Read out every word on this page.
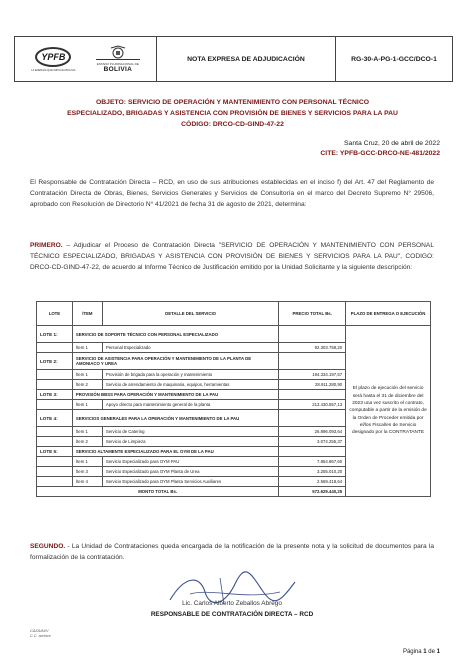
YPFB
LA ENERGÍA QUE IMPULSA BOLIVIA
ESTADO PLURINACIONAL DE
BOLIVIA
NOTA EXPRESA DE ADJUDICACIÓN	RG-30-A-PG-1-GCC/DCO-1
OBJETO: SERVICIO DE OPERACIÓN Y MANTENIMIENTO CON PERSONAL TÉCNICO
ESPECIALIZADO, BRIGADAS Y ASISTENCIA CON PROVISIÓN DE BIENES Y SERVICIOS PARA LA PAU
CÓDIGO: DRCO-CD-GIND-47-22
Santa Cruz, 20 de abril de 2022
CITE: YPFB-GCC-DRCO-NE-481/2022
El Responsable de Contratación Directa – RCD, en uso de sus atribuciones establecidas en el inciso f) del Art. 47 del Reglamento de Contratación Directa de Obras, Bienes, Servicios Generales y Servicios de Consultoría en el marco del Decreto Supremo N° 29506, aprobado con Resolución de Directorio N° 41/2021 de fecha 31 de agosto de 2021, determina:
PRIMERO. – Adjudicar el Proceso de Contratación Directa "SERVICIO DE OPERACIÓN Y MANTENIMIENTO CON PERSONAL TÉCNICO ESPECIALIZADO, BRIGADAS Y ASISTENCIA CON PROVISIÓN DE BIENES Y SERVICIOS PARA LA PAU", CODIGO: DRCO-CD-GIND-47-22, de acuerdo al Informe Técnico de Justificación emitido por la Unidad Solicitante y la siguiente descripción:
LOTE	ÍTEM	DETALLE DEL SERVICIO	PRECIO TOTAL Bs.	PLAZO DE ENTREGA O EJECUCIÓN
LOTE 1:	SERVICIO DE SOPORTE TÉCNICO CON PERSONAL ESPECIALIZADO			El plazo de ejecución del servicio será hasta el 31 de diciembre del 2023 una vez suscrito el contrato, computable a partir de la emisión de la Orden de Proceder emitida por el/los Fiscal/es de Servicio designado por la CONTRATANTE
	Ítem 1	Personal Especializado	92.303.759,20	
LOTE 2:	SERVICIO DE ASISTENCIA PARA OPERACIÓN Y MANTENIMIENTO DE LA PLANTA DE AMONIACO Y UREA			
	Ítem 1	Provisión de brigada para la operación y mantenimiento	194.334.197,57	
	Ítem 2	Servicio de arrendamiento de maquinaria, equipos, herramientas	28.911.280,90	
LOTE 3:	PROVISIÓN BBSS PARA OPERACIÓN Y MANTENIMIENTO DE LA PAU			
	Ítem 1	Apoyo directo para mantenimiento general de la planta	213.430.557,13	
LOTE 4:	SERVICIOS GENERALES PARA LA OPERACIÓN Y MANTENIMIENTO DE LA PAU			
	Ítem 1	Servicio de Catering	26.896.093,64	
	Ítem 2	Servicio de Limpieza	3.074.255,37	
LOTE 5:	SERVICIO ALTAMENTE ESPECIALIZADO PARA EL OYM DE LA PAU			
	Ítem 1	Servicio Especializado para OYM PAU	7.854.867,60	
	Ítem 3	Servicio Especializado para OYM Planta de Urea	3.255.010,20	
	Ítem 4	Servicio Especializado para OYM Planta Servicios Auxiliares	2.569.418,64	
MONTO TOTAL Bs.			572.629.440,25	
SEGUNDO. - La Unidad de Contrataciones queda encargada de la notificación de la presente nota y la solicitud de documentos para la formalización de la contratación.
Lic. Carlos Alberto Zeballos Abrego
RESPONSABLE DE CONTRATACIÓN DIRECTA – RCD
CAZA/AVV
C.C. archivo
Página 1 de 1
